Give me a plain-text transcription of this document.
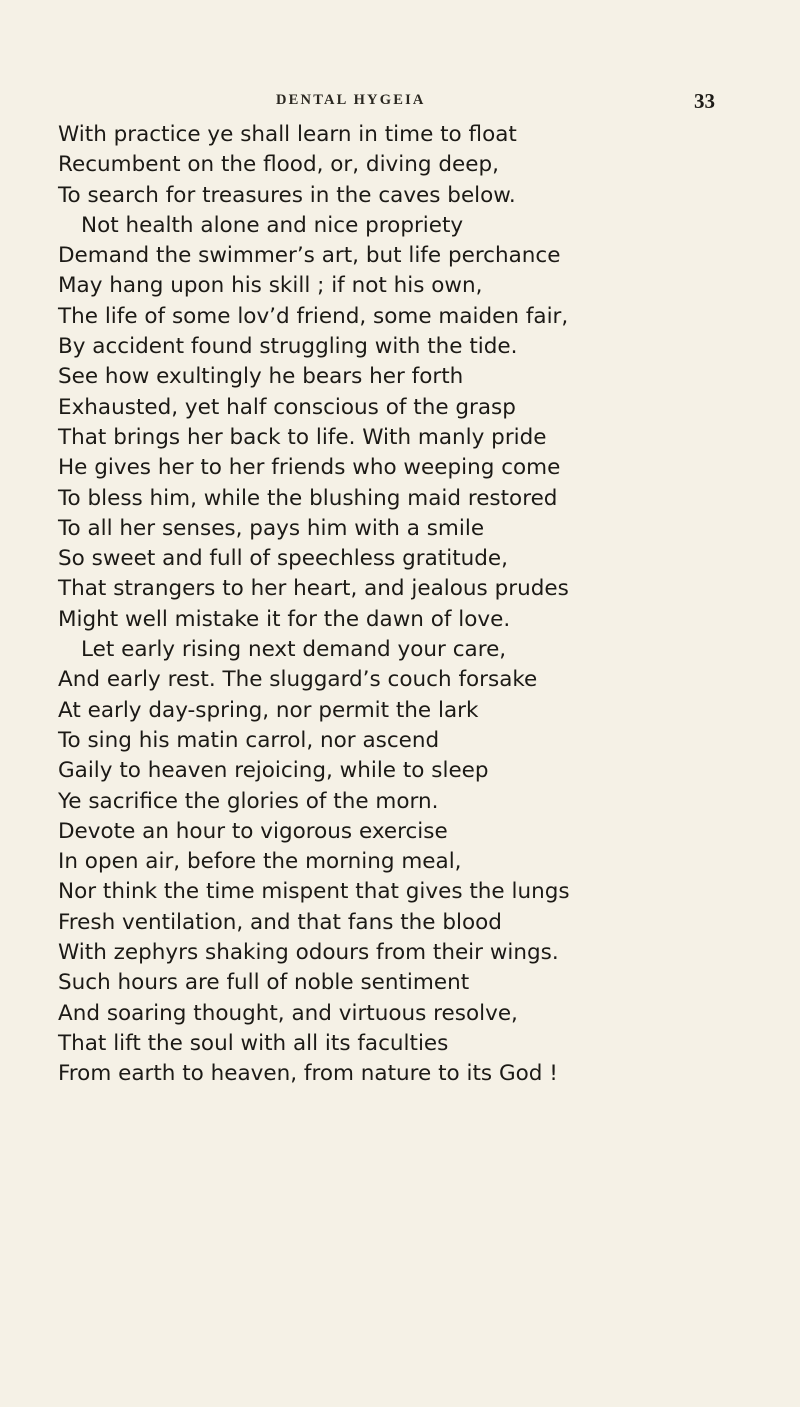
DENTAL HYGEIA	33
With practice ye shall learn in time to float
Recumbent on the flood, or, diving deep,
To search for treasures in the caves below.
Not health alone and nice propriety
Demand the swimmer’s art, but life perchance
May hang upon his skill ; if not his own,
The life of some lov’d friend, some maiden fair,
By accident found struggling with the tide.
See how exultingly he bears her forth
Exhausted, yet half conscious of the grasp
That brings her back to life. With manly pride
He gives her to her friends who weeping come
To bless him, while the blushing maid restored
To all her senses, pays him with a smile
So sweet and full of speechless gratitude,
That strangers to her heart, and jealous prudes
Might well mistake it for the dawn of love.
Let early rising next demand your care,
And early rest. The sluggard’s couch forsake
At early day-spring, nor permit the lark
To sing his matin carrol, nor ascend
Gaily to heaven rejoicing, while to sleep
Ye sacrifice the glories of the morn.
Devote an hour to vigorous exercise
In open air, before the morning meal,
Nor think the time mispent that gives the lungs
Fresh ventilation, and that fans the blood
With zephyrs shaking odours from their wings.
Such hours are full of noble sentiment
And soaring thought, and virtuous resolve,
That lift the soul with all its faculties
From earth to heaven, from nature to its God !
